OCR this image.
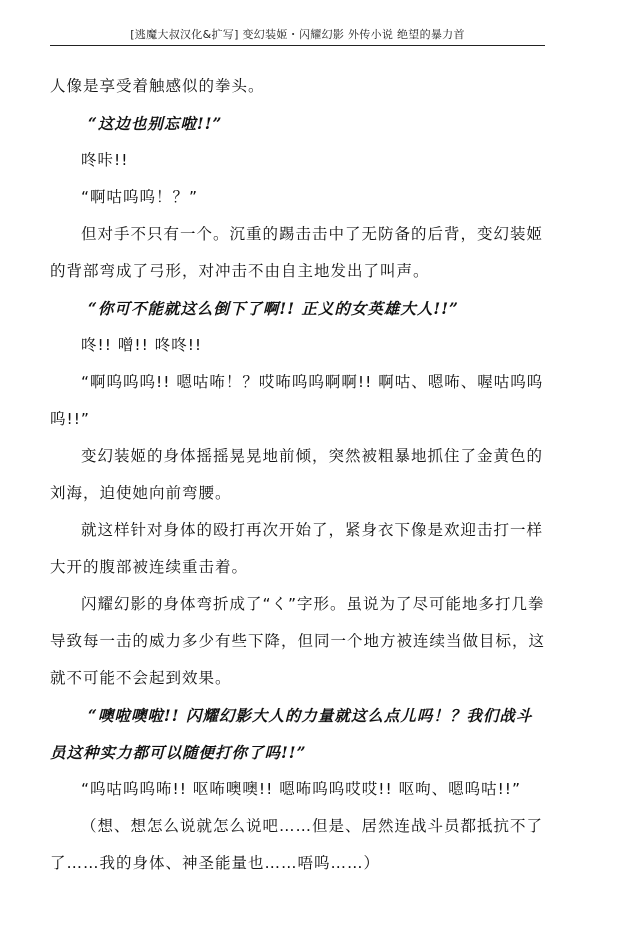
[逃魔大叔汉化&扩写] 变幻装姬・闪耀幻影 外传小说 绝望的暴力首

人像是享受着触感似的拳头。

“这边也别忘啦!!”

咚咔!!

“啊咕呜呜！？”

但对手不只有一个。沉重的踢击击中了无防备的后背，变幻装姬的背部弯成了弓形，对冲击不由自主地发出了叫声。

“你可不能就这么倒下了啊!! 正义的女英雄大人!!”

咚!! 噌!! 咚咚!!

“啊呜呜呜!! 嗯咕咘！？哎咘呜呜啊啊!! 啊咕、嗯咘、喔咕呜呜呜!!”

变幻装姬的身体摇摇晃晃地前倾，突然被粗暴地抓住了金黄色的刘海，迫使她向前弯腰。

就这样针对身体的殴打再次开始了，紧身衣下像是欢迎击打一样大开的腹部被连续重击着。

闪耀幻影的身体弯折成了“く”字形。虽说为了尽可能地多打几拳导致每一击的威力多少有些下降，但同一个地方被连续当做目标，这就不可能不会起到效果。

“噢啦噢啦!! 闪耀幻影大人的力量就这么点儿吗！？我们战斗员这种实力都可以随便打你了吗!!”

“呜咕呜呜咘!! 呕咘噢噢!! 嗯咘呜呜哎哎!! 呕呴、嗯呜咕!!”

（想、想怎么说就怎么说吧……但是、居然连战斗员都抵抗不了了……我的身体、神圣能量也……唔呜……）
